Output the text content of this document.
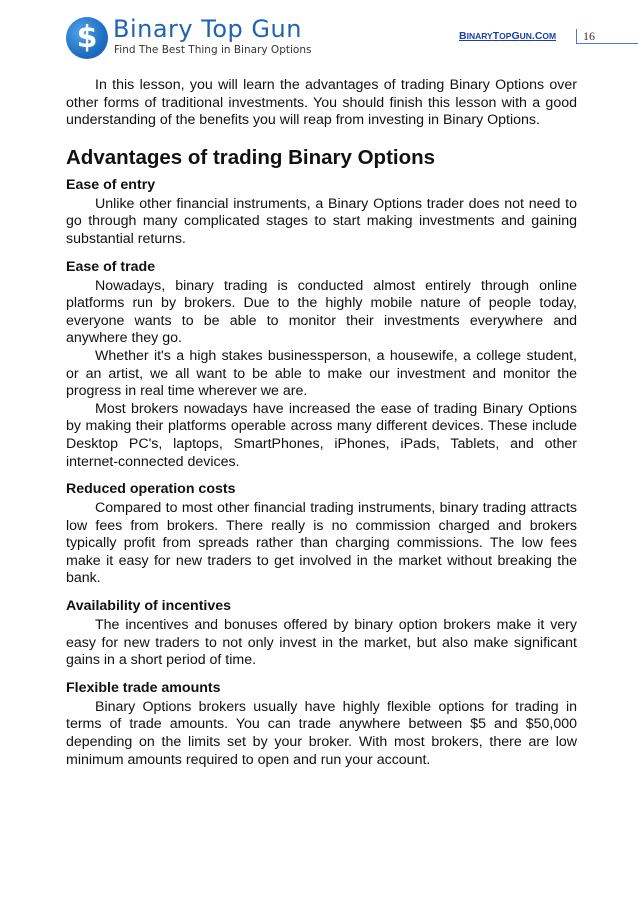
$ Binary Top Gun
Find The Best Thing in Binary Options
BINARYTOPGUN.COM 16

In this lesson, you will learn the advantages of trading Binary Options over other forms of traditional investments. You should finish this lesson with a good understanding of the benefits you will reap from investing in Binary Options.

Advantages of trading Binary Options
Ease of entry

Unlike other financial instruments, a Binary Options trader does not need to go through many complicated stages to start making investments and gaining substantial returns.

Ease of trade

Nowadays, binary trading is conducted almost entirely through online platforms run by brokers. Due to the highly mobile nature of people today, everyone wants to be able to monitor their investments everywhere and anywhere they go.

Whether it's a high stakes businessperson, a housewife, a college student, or an artist, we all want to be able to make our investment and monitor the progress in real time wherever we are.

Most brokers nowadays have increased the ease of trading Binary Options by making their platforms operable across many different devices. These include Desktop PC's, laptops, SmartPhones, iPhones, iPads, Tablets, and other internet-connected devices.

Reduced operation costs

Compared to most other financial trading instruments, binary trading attracts low fees from brokers. There really is no commission charged and brokers typically profit from spreads rather than charging commissions. The low fees make it easy for new traders to get involved in the market without breaking the bank.

Availability of incentives

The incentives and bonuses offered by binary option brokers make it very easy for new traders to not only invest in the market, but also make significant gains in a short period of time.

Flexible trade amounts

Binary Options brokers usually have highly flexible options for trading in terms of trade amounts. You can trade anywhere between $5 and $50,000 depending on the limits set by your broker. With most brokers, there are low minimum amounts required to open and run your account.
